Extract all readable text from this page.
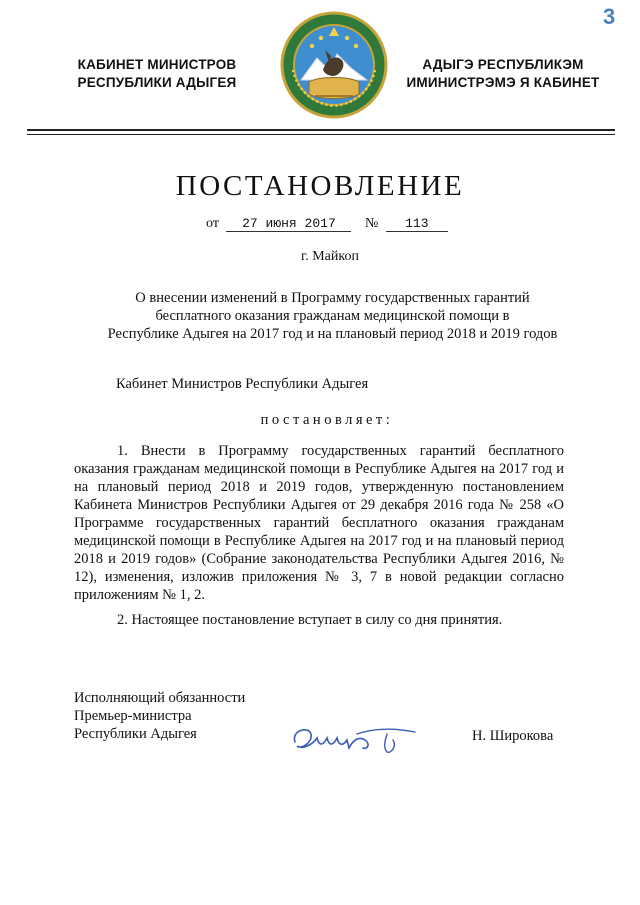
3
КАБИНЕТ МИНИСТРОВ
РЕСПУБЛИКИ АДЫГЕЯ
АДЫГЭ РЕСПУБЛИКЭМ
ИМИНИСТРЭМЭ Я КАБИНЕТ
ПОСТАНОВЛЕНИЕ
от 27 июня 2017 № 113
г. Майкоп
О внесении изменений в Программу государственных гарантий
бесплатного оказания гражданам медицинской помощи в
Республике Адыгея на 2017 год и на плановый период 2018 и 2019 годов
Кабинет Министров Республики Адыгея
постановляет:
1. Внести в Программу государственных гарантий бесплатного оказания гражданам медицинской помощи в Республике Адыгея на 2017 год и на плановый период 2018 и 2019 годов, утвержденную постановлением Кабинета Министров Республики Адыгея от 29 декабря 2016 года № 258 «О Программе государственных гарантий бесплатного оказания гражданам медицинской помощи в Республике Адыгея на 2017 год и на плановый период 2018 и 2019 годов» (Собрание законодательства Республики Адыгея 2016, № 12), изменения, изложив приложения № 3, 7 в новой редакции согласно приложениям № 1, 2.
2. Настоящее постановление вступает в силу со дня принятия.
Исполняющий обязанности
Премьер-министра
Республики Адыгея	Н. Широкова
